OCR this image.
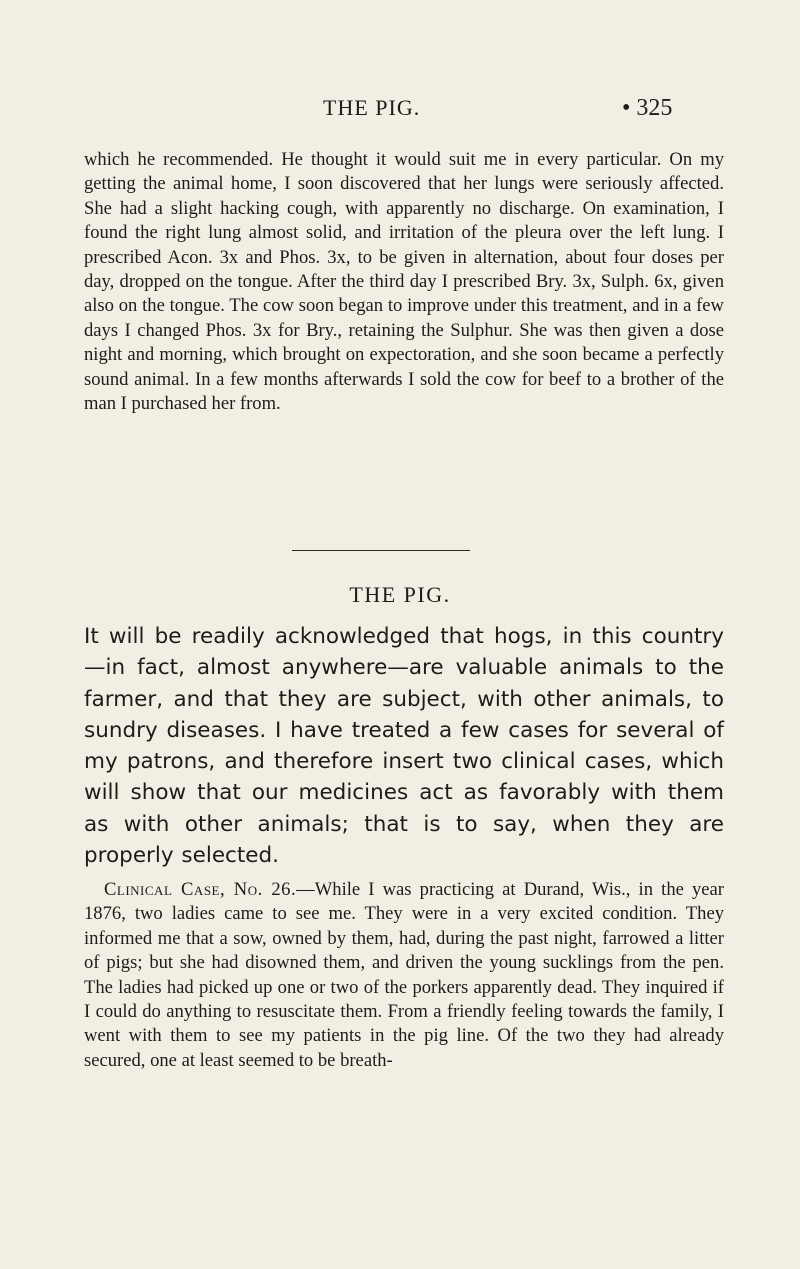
THE PIG.	• 325

which he recommended. He thought it would suit me in every particular. On my getting the animal home, I soon discovered that her lungs were seriously affected. She had a slight hacking cough, with apparently no discharge. On examination, I found the right lung almost solid, and irritation of the pleura over the left lung. I prescribed Acon. 3x and Phos. 3x, to be given in alternation, about four doses per day, dropped on the tongue. After the third day I prescribed Bry. 3x, Sulph. 6x, given also on the tongue. The cow soon began to improve under this treatment, and in a few days I changed Phos. 3x for Bry., retaining the Sulphur. She was then given a dose night and morning, which brought on expectoration, and she soon became a perfectly sound animal. In a few months afterwards I sold the cow for beef to a brother of the man I purchased her from.

THE PIG.

It will be readily acknowledged that hogs, in this country—in fact, almost anywhere—are valuable animals to the farmer, and that they are subject, with other animals, to sundry diseases. I have treated a few cases for several of my patrons, and therefore insert two clinical cases, which will show that our medicines act as favorably with them as with other animals; that is to say, when they are properly selected.

Clinical Case, No. 26.—While I was practicing at Durand, Wis., in the year 1876, two ladies came to see me. They were in a very excited condition. They informed me that a sow, owned by them, had, during the past night, farrowed a litter of pigs; but she had disowned them, and driven the young sucklings from the pen. The ladies had picked up one or two of the porkers apparently dead. They inquired if I could do anything to resuscitate them. From a friendly feeling towards the family, I went with them to see my patients in the pig line. Of the two they had already secured, one at least seemed to be breath-
